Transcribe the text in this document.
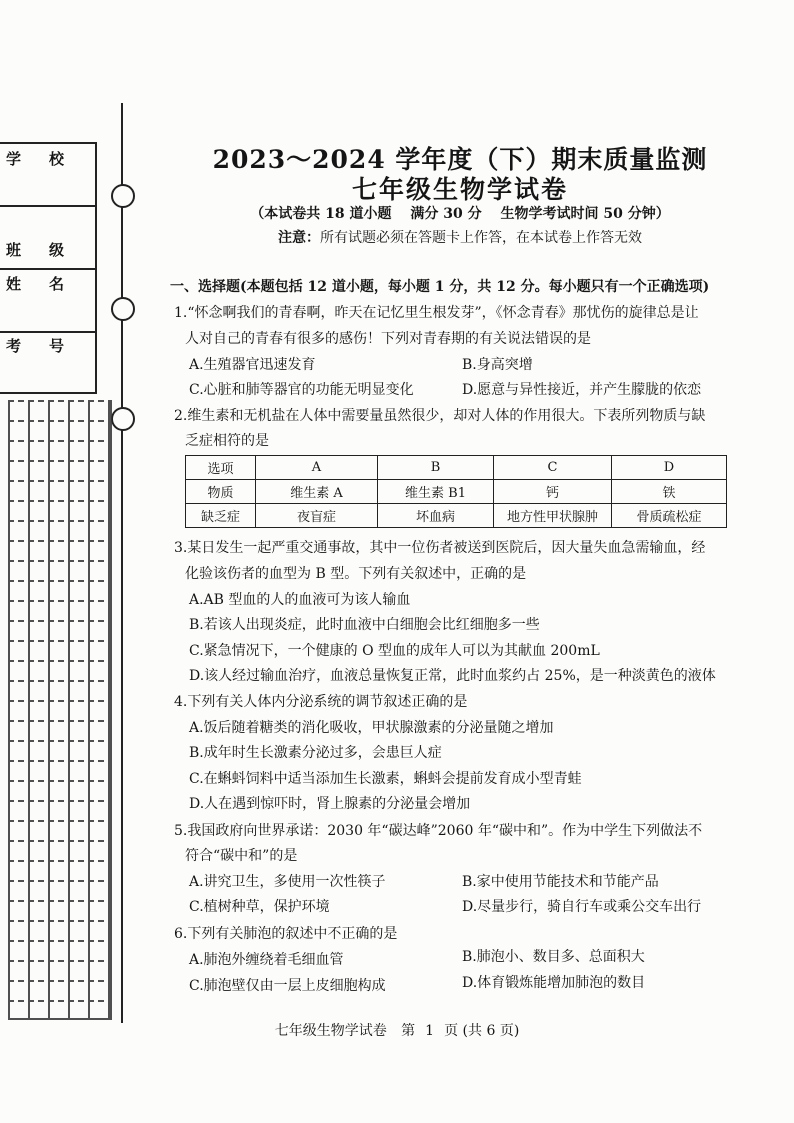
学 校
班 级
姓 名
考 号
2023～2024 学年度（下）期末质量监测
七年级生物学试卷
（本试卷共 18 道小题 满分 30 分 生物学考试时间 50 分钟）
注意：所有试题必须在答题卡上作答，在本试卷上作答无效
一、选择题(本题包括 12 道小题，每小题 1 分，共 12 分。每小题只有一个正确选项)
1.“怀念啊我们的青春啊，昨天在记忆里生根发芽”，《怀念青春》那忧伤的旋律总是让
人对自己的青春有很多的感伤！下列对青春期的有关说法错误的是
A.生殖器官迅速发育	B.身高突增
C.心脏和肺等器官的功能无明显变化	D.愿意与异性接近，并产生朦胧的依恋
2.维生素和无机盐在人体中需要量虽然很少，却对人体的作用很大。下表所列物质与缺
乏症相符的是
选项	A	B	C	D
物质	维生素 A	维生素 B1	钙	铁
缺乏症	夜盲症	坏血病	地方性甲状腺肿	骨质疏松症
3.某日发生一起严重交通事故，其中一位伤者被送到医院后，因大量失血急需输血，经
化验该伤者的血型为 B 型。下列有关叙述中，正确的是
A.AB 型血的人的血液可为该人输血
B.若该人出现炎症，此时血液中白细胞会比红细胞多一些
C.紧急情况下，一个健康的 O 型血的成年人可以为其献血 200mL
D.该人经过输血治疗，血液总量恢复正常，此时血浆约占 25%，是一种淡黄色的液体
4.下列有关人体内分泌系统的调节叙述正确的是
A.饭后随着糖类的消化吸收，甲状腺激素的分泌量随之增加
B.成年时生长激素分泌过多，会患巨人症
C.在蝌蚪饲料中适当添加生长激素，蝌蚪会提前发育成小型青蛙
D.人在遇到惊吓时，肾上腺素的分泌量会增加
5.我国政府向世界承诺：2030 年“碳达峰”2060 年“碳中和”。作为中学生下列做法不
符合“碳中和”的是
A.讲究卫生，多使用一次性筷子	B.家中使用节能技术和节能产品
C.植树种草，保护环境	D.尽量步行，骑自行车或乘公交车出行
6.下列有关肺泡的叙述中不正确的是
A.肺泡外缠绕着毛细血管	B.肺泡小、数目多、总面积大
C.肺泡壁仅由一层上皮细胞构成	D.体育锻炼能增加肺泡的数目
七年级生物学试卷 第 1 页 (共 6 页)
